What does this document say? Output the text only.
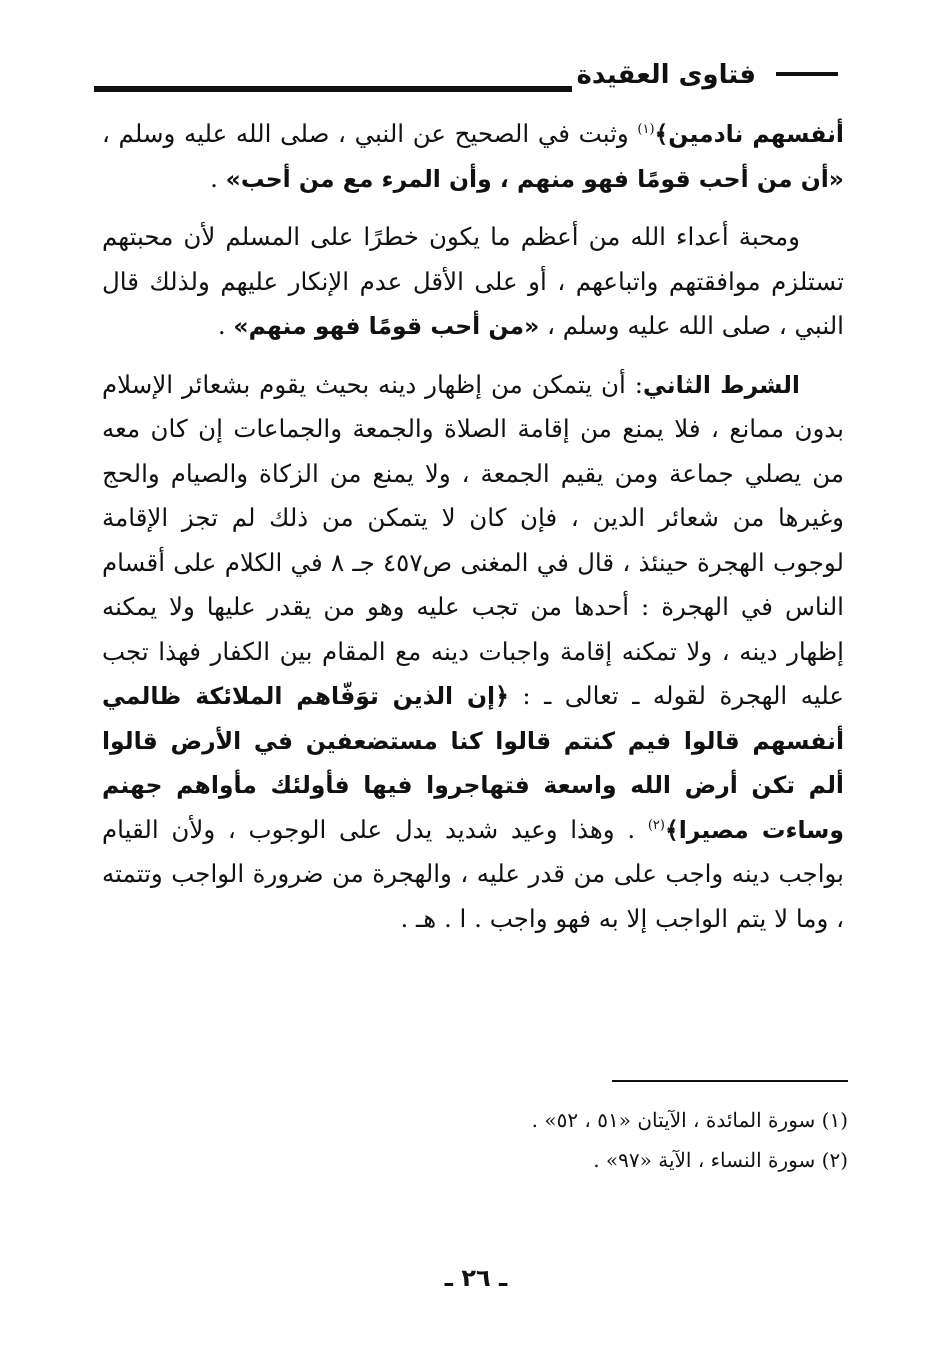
فتاوى العقيدة

أنفسهم نادمين﴾$^{(١)}$ وثبت في الصحيح عن النبي ، صلى الله عليه وسلم ، «أن من أحب قومًا فهو منهم ، وأن المرء مع من أحب» .

ومحبة أعداء الله من أعظم ما يكون خطرًا على المسلم لأن محبتهم تستلزم موافقتهم واتباعهم ، أو على الأقل عدم الإنكار عليهم ولذلك قال النبي ، صلى الله عليه وسلم ، «من أحب قومًا فهو منهم» .

الشرط الثاني: أن يتمكن من إظهار دينه بحيث يقوم بشعائر الإسلام بدون ممانع ، فلا يمنع من إقامة الصلاة والجمعة والجماعات إن كان معه من يصلي جماعة ومن يقيم الجمعة ، ولا يمنع من الزكاة والصيام والحج وغيرها من شعائر الدين ، فإن كان لا يتمكن من ذلك لم تجز الإقامة لوجوب الهجرة حينئذ ، قال في المغنى ص٤٥٧ جـ ٨ في الكلام على أقسام الناس في الهجرة : أحدها من تجب عليه وهو من يقدر عليها ولا يمكنه إظهار دينه ، ولا تمكنه إقامة واجبات دينه مع المقام بين الكفار فهذا تجب عليه الهجرة لقوله ـ تعالى ـ : ﴿إن الذين توَفّاهم الملائكة ظالمي أنفسهم قالوا فيم كنتم قالوا كنا مستضعفين في الأرض قالوا ألم تكن أرض الله واسعة فتهاجروا فيها فأولئك مأواهم جهنم وساءت مصيرا﴾$^{(٢)}$ . وهذا وعيد شديد يدل على الوجوب ، ولأن القيام بواجب دينه واجب على من قدر عليه ، والهجرة من ضرورة الواجب وتتمته ، وما لا يتم الواجب إلا به فهو واجب . ا . هـ .

(١) سورة المائدة ، الآيتان «٥١ ، ٥٢» .
(٢) سورة النساء ، الآية «٩٧» .
ـ ٢٦ ـ
